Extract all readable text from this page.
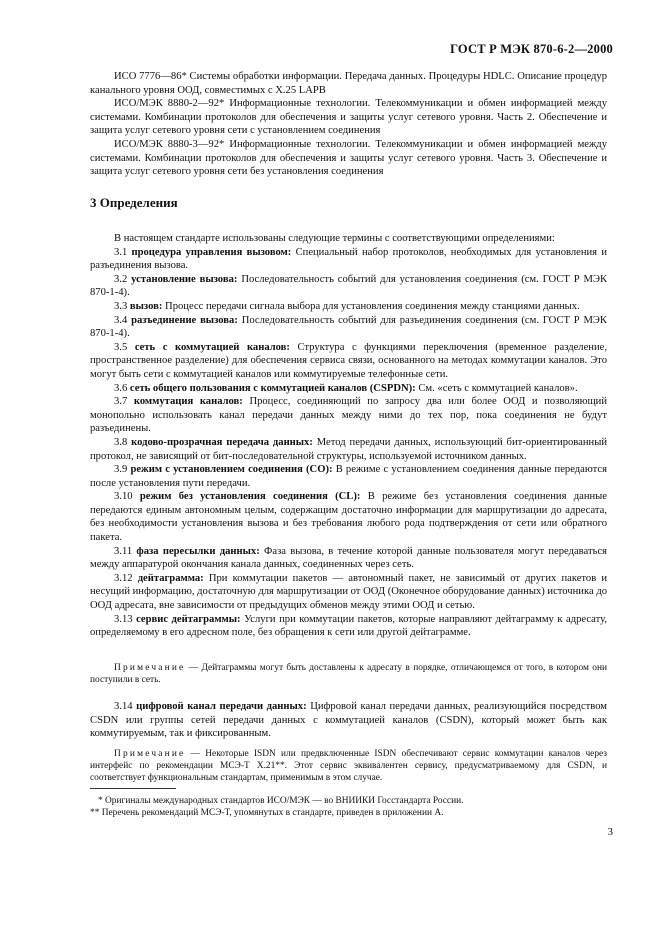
ГОСТ Р МЭК 870-6-2—2000

ИСО 7776—86* Системы обработки информации. Передача данных. Процедуры HDLC. Описание процедур канального уровня ООД, совместимых с X.25 LAPB

ИСО/МЭК 8880-2—92* Информационные технологии. Телекоммуникации и обмен информацией между системами. Комбинации протоколов для обеспечения и защиты услуг сетевого уровня. Часть 2. Обеспечение и защита услуг сетевого уровня сети с установлением соединения

ИСО/МЭК 8880-3—92* Информационные технологии. Телекоммуникации и обмен информацией между системами. Комбинации протоколов для обеспечения и защиты услуг сетевого уровня. Часть 3. Обеспечение и защита услуг сетевого уровня сети без установления соединения

3 Определения

В настоящем стандарте использованы следующие термины с соответствующими определениями:

3.1 процедура управления вызовом: Специальный набор протоколов, необходимых для установления и разъединения вызова.

3.2 установление вызова: Последовательность событий для установления соединения (см. ГОСТ Р МЭК 870-1-4).

3.3 вызов: Процесс передачи сигнала выбора для установления соединения между станциями данных.

3.4 разъединение вызова: Последовательность событий для разъединения соединения (см. ГОСТ Р МЭК 870-1-4).

3.5 сеть с коммутацией каналов: Структура с функциями переключения (временное разделение, пространственное разделение) для обеспечения сервиса связи, основанного на методах коммутации каналов. Это могут быть сети с коммутацией каналов или коммутируемые телефонные сети.

3.6 сеть общего пользования с коммутацией каналов (CSPDN): См. «сеть с коммутацией каналов».

3.7 коммутация каналов: Процесс, соединяющий по запросу два или более ООД и позволяющий монопольно использовать канал передачи данных между ними до тех пор, пока соединения не будут разъединены.

3.8 кодово-прозрачная передача данных: Метод передачи данных, использующий бит-ориентированный протокол, не зависящий от бит-последовательной структуры, используемой источником данных.

3.9 режим с установлением соединения (СО): В режиме с установлением соединения данные передаются после установления пути передачи.

3.10 режим без установления соединения (CL): В режиме без установления соединения данные передаются единым автономным целым, содержащим достаточно информации для маршрутизации до адресата, без необходимости установления вызова и без требования любого рода подтверждения от сети или обратного пакета.

3.11 фаза пересылки данных: Фаза вызова, в течение которой данные пользователя могут передаваться между аппаратурой окончания канала данных, соединенных через сеть.

3.12 дейтаграмма: При коммутации пакетов — автономный пакет, не зависимый от других пакетов и несущий информацию, достаточную для маршрутизации от ООД (Оконечное оборудование данных) источника до ООД адресата, вне зависимости от предыдущих обменов между этими ООД и сетью.

3.13 сервис дейтаграммы: Услуги при коммутации пакетов, которые направляют дейтаграмму к адресату, определяемому в его адресном поле, без обращения к сети или другой дейтаграмме.

Примечание — Дейтаграммы могут быть доставлены к адресату в порядке, отличающемся от того, в котором они поступили в сеть.

3.14 цифровой канал передачи данных: Цифровой канал передачи данных, реализующийся посредством CSDN или группы сетей передачи данных с коммутацией каналов (CSDN), который может быть как коммутируемым, так и фиксированным.

Примечание — Некоторые ISDN или предвключенные ISDN обеспечивают сервис коммутации каналов через интерфейс по рекомендации МСЭ-Т X.21**. Этот сервис эквивалентен сервису, предусматриваемому для CSDN, и соответствует функциональным стандартам, применимым в этом случае.

* Оригиналы международных стандартов ИСО/МЭК — во ВНИИКИ Госстандарта России.

** Перечень рекомендаций МСЭ-Т, упомянутых в стандарте, приведен в приложении А.

3
